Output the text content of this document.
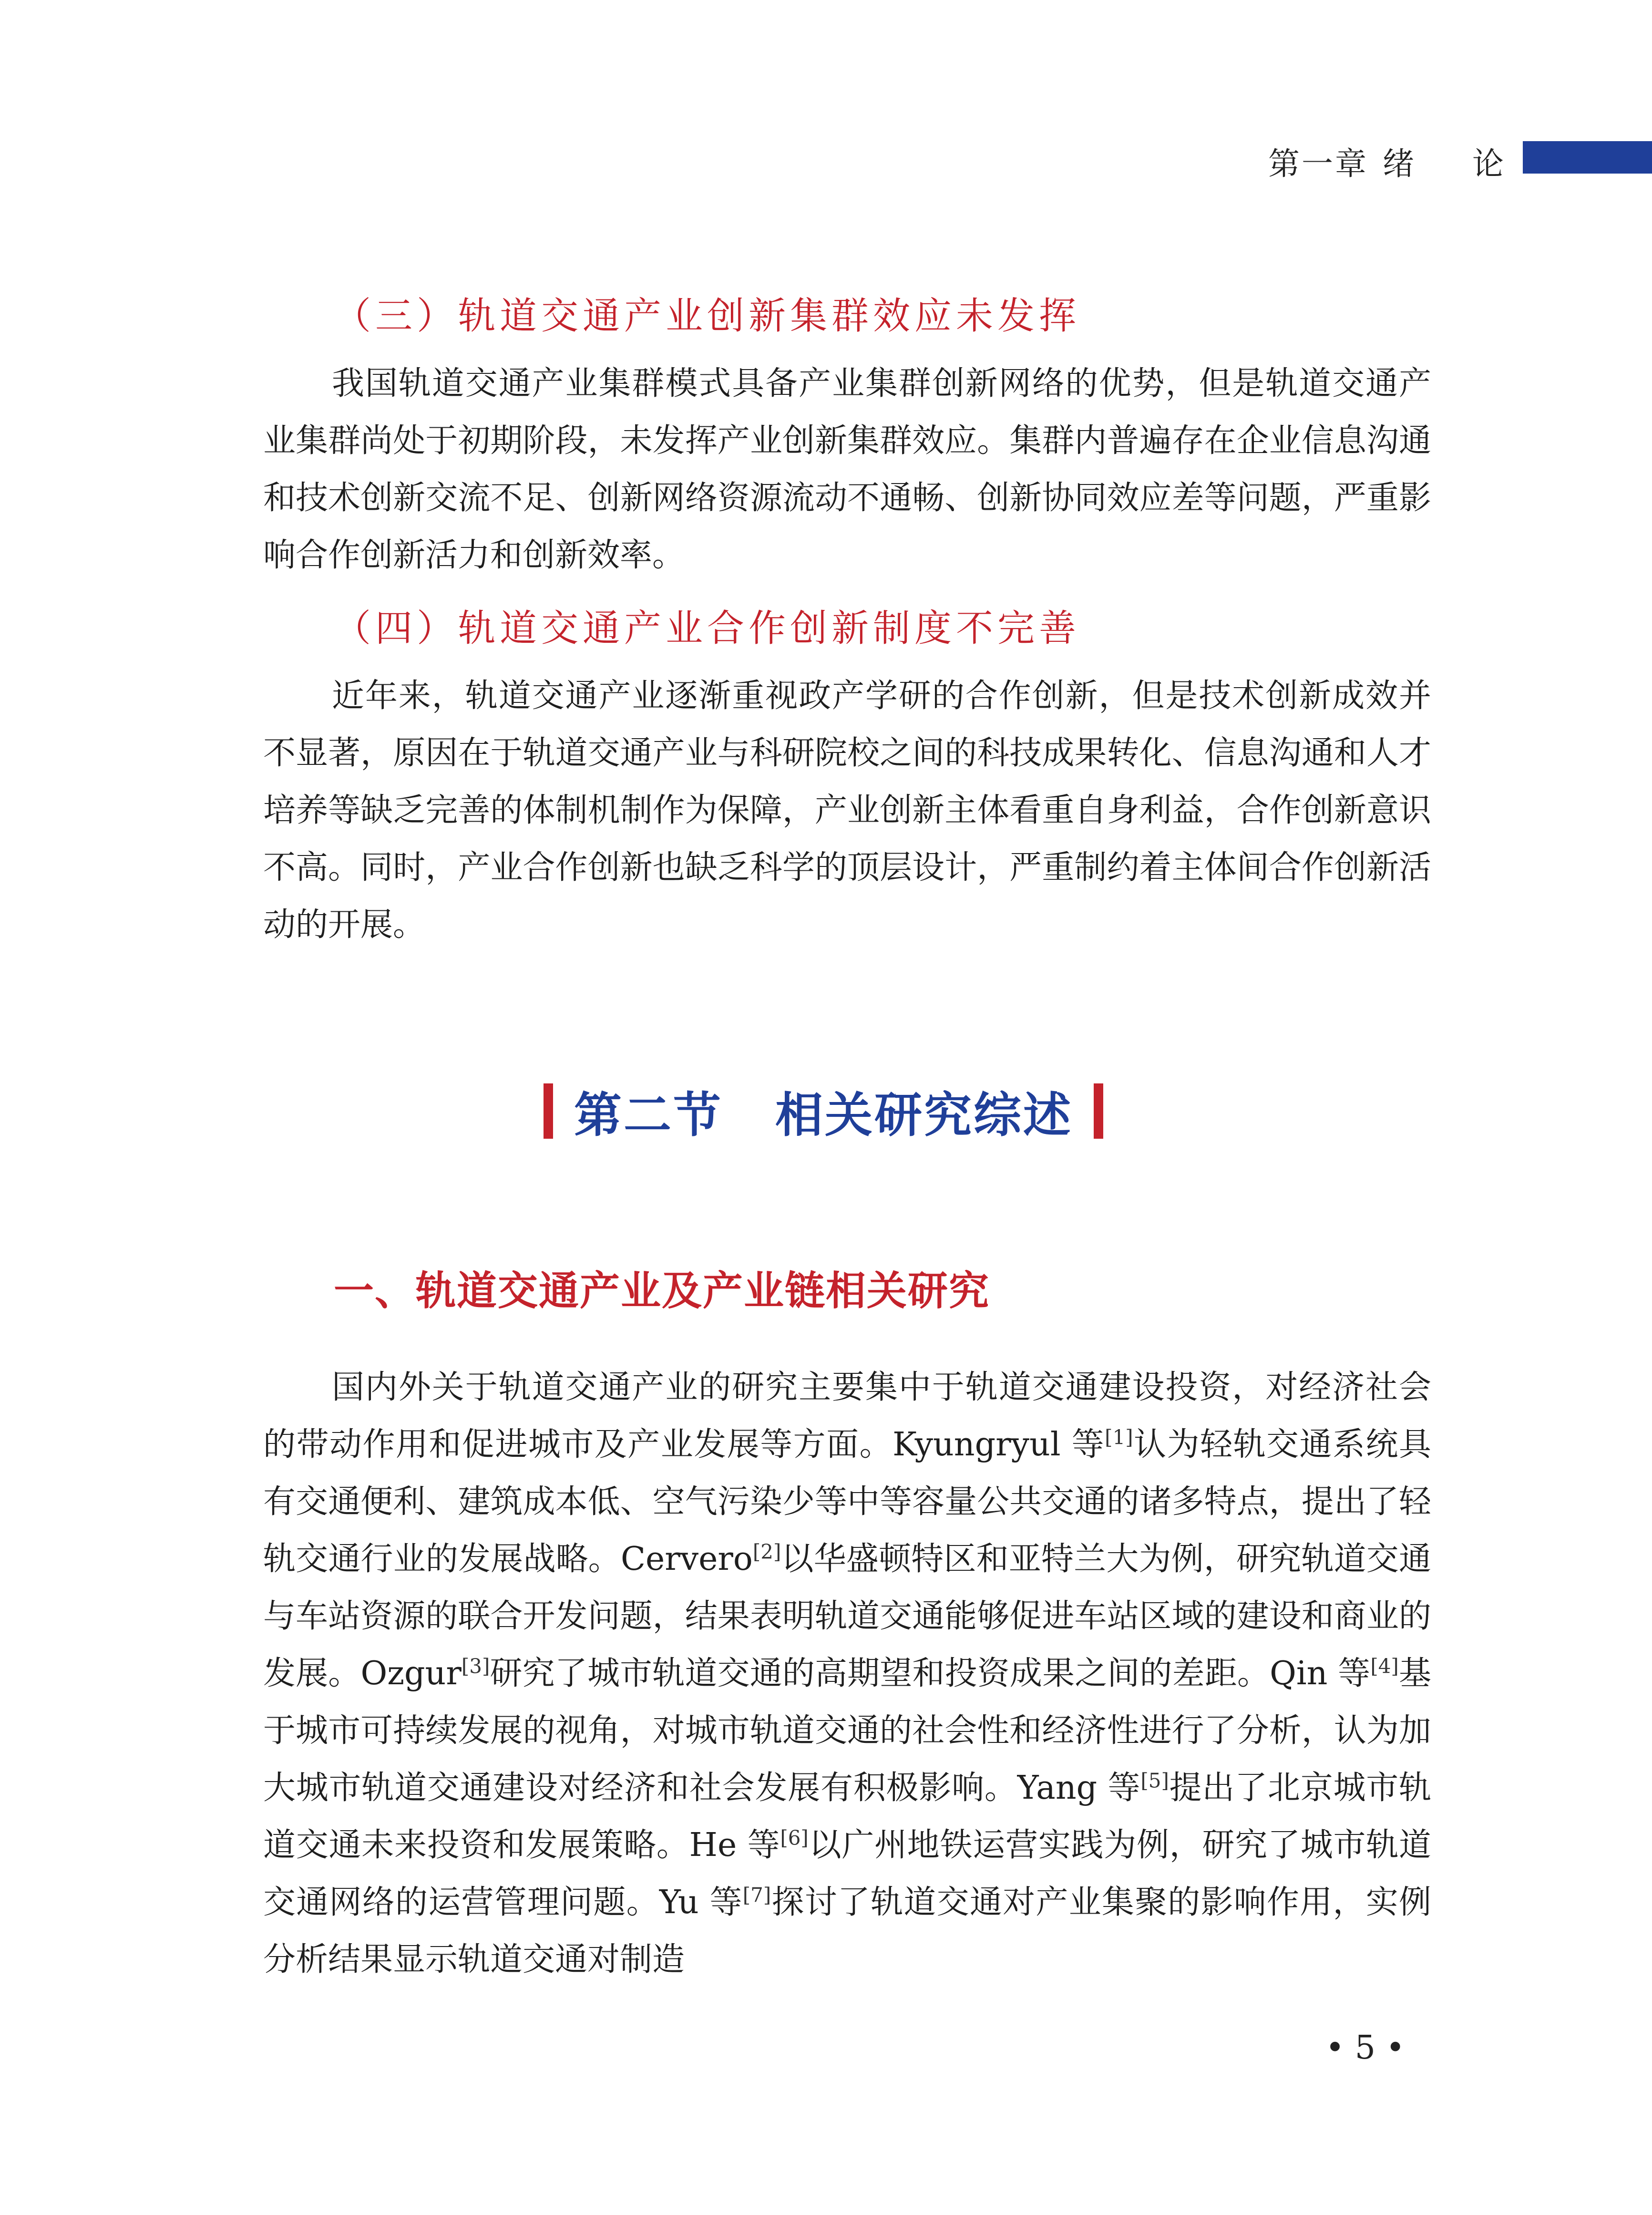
第一章 绪 论
（三）轨道交通产业创新集群效应未发挥

我国轨道交通产业集群模式具备产业集群创新网络的优势，但是轨道交通产业集群尚处于初期阶段，未发挥产业创新集群效应。集群内普遍存在企业信息沟通和技术创新交流不足、创新网络资源流动不通畅、创新协同效应差等问题，严重影响合作创新活力和创新效率。

（四）轨道交通产业合作创新制度不完善

近年来，轨道交通产业逐渐重视政产学研的合作创新，但是技术创新成效并不显著，原因在于轨道交通产业与科研院校之间的科技成果转化、信息沟通和人才培养等缺乏完善的体制机制作为保障，产业创新主体看重自身利益，合作创新意识不高。同时，产业合作创新也缺乏科学的顶层设计，严重制约着主体间合作创新活动的开展。

第二节 相关研究综述
一、轨道交通产业及产业链相关研究

国内外关于轨道交通产业的研究主要集中于轨道交通建设投资，对经济社会的带动作用和促进城市及产业发展等方面。Kyungryul 等[1]认为轻轨交通系统具有交通便利、建筑成本低、空气污染少等中等容量公共交通的诸多特点，提出了轻轨交通行业的发展战略。Cervero[2]以华盛顿特区和亚特兰大为例，研究轨道交通与车站资源的联合开发问题，结果表明轨道交通能够促进车站区域的建设和商业的发展。Ozgur[3]研究了城市轨道交通的高期望和投资成果之间的差距。Qin 等[4]基于城市可持续发展的视角，对城市轨道交通的社会性和经济性进行了分析，认为加大城市轨道交通建设对经济和社会发展有积极影响。Yang 等[5]提出了北京城市轨道交通未来投资和发展策略。He 等[6]以广州地铁运营实践为例，研究了城市轨道交通网络的运营管理问题。Yu 等[7]探讨了轨道交通对产业集聚的影响作用，实例分析结果显示轨道交通对制造

• 5 •
